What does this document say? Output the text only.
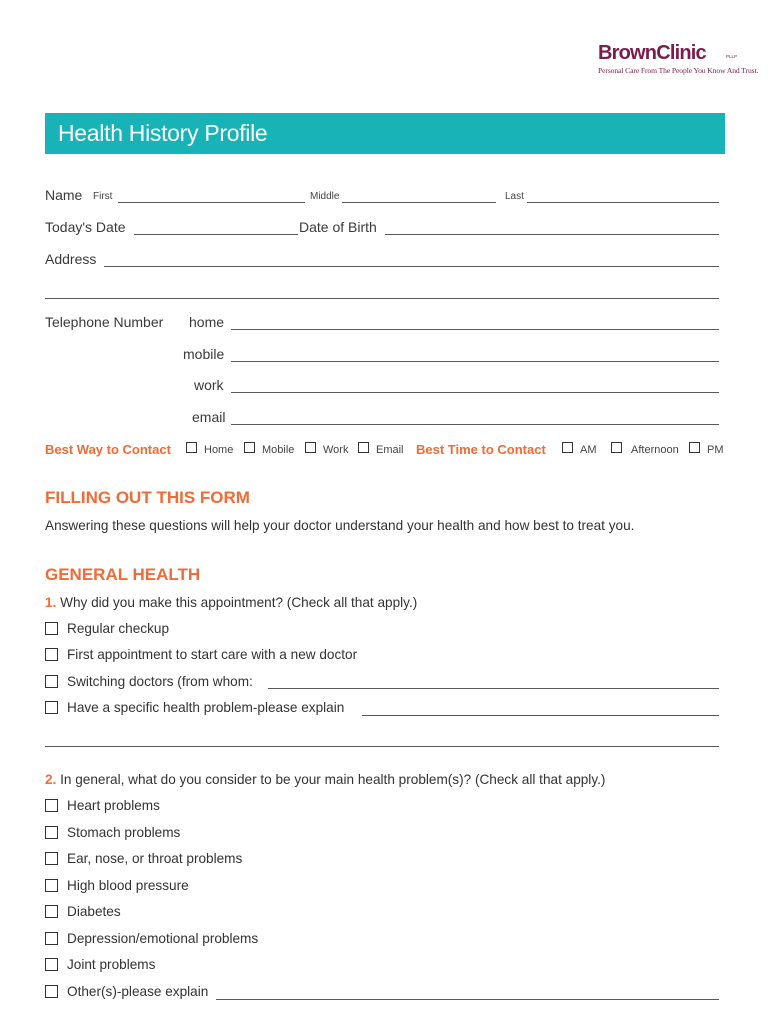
BrownClinic	PLLP
Personal Care From The People You Know And Trust.
Health History Profile
Name First	Middle	Last
Today's Date	Date of Birth
Address
Telephone Number home
mobile
work
email
Best Way to Contact	Home	Mobile	Work	Email Best Time to Contact	AM	Afternoon	PM
FILLING OUT THIS FORM
Answering these questions will help your doctor understand your health and how best to treat you.
GENERAL HEALTH
1. Why did you make this appointment? (Check all that apply.)
Regular checkup
First appointment to start care with a new doctor
Switching doctors (from whom:
Have a specific health problem-please explain
2. In general, what do you consider to be your main health problem(s)? (Check all that apply.)
Heart problems
Stomach problems
Ear, nose, or throat problems
High blood pressure
Diabetes
Depression/emotional problems
Joint problems
Other(s)-please explain
